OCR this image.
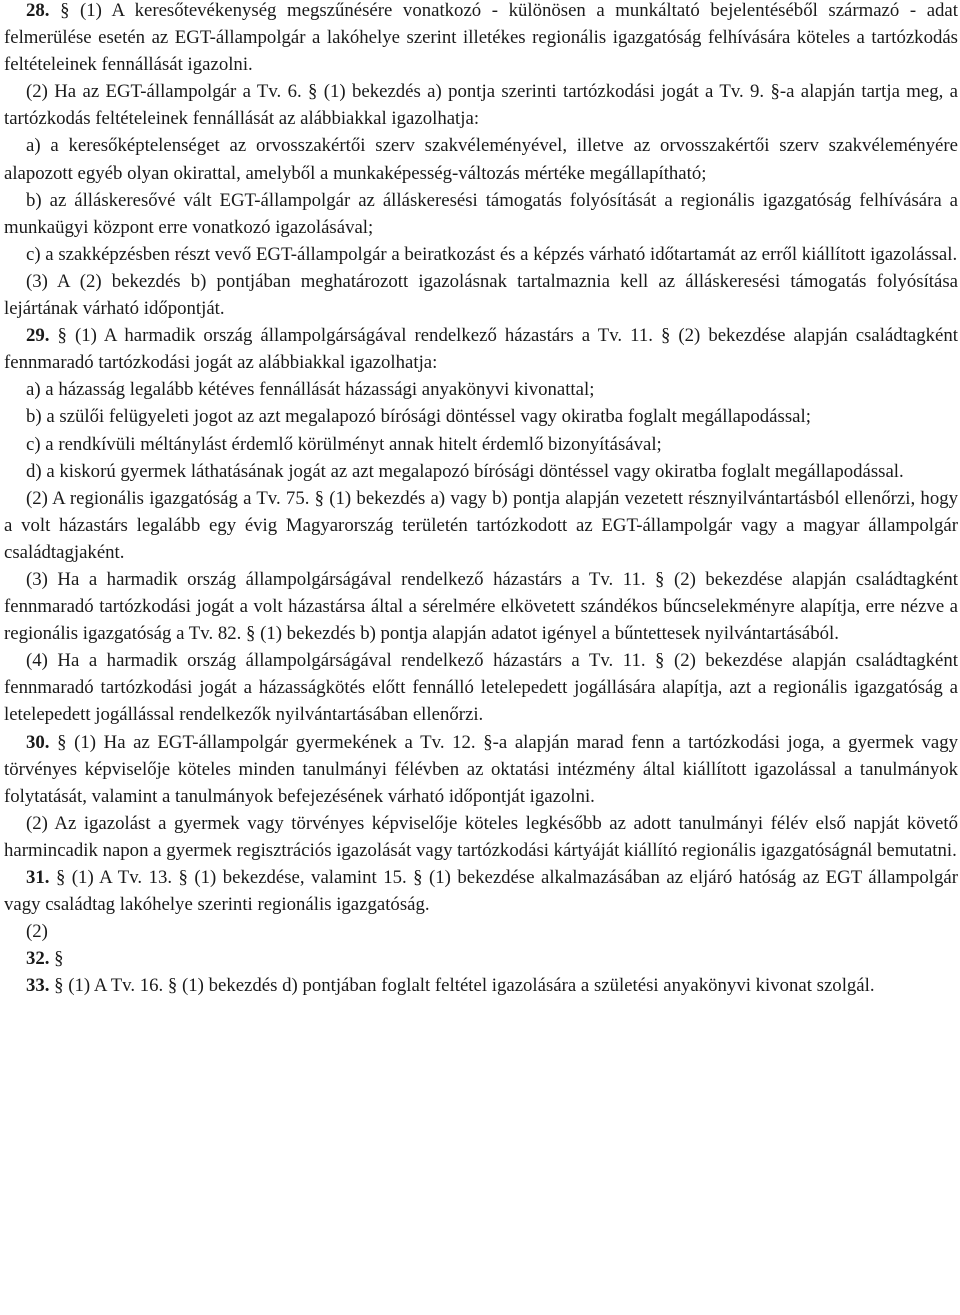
28. § (1) A keresőtevékenység megszűnésére vonatkozó - különösen a munkáltató bejelentéséből származó - adat felmerülése esetén az EGT-állampolgár a lakóhelye szerint illetékes regionális igazgatóság felhívására köteles a tartózkodás feltételeinek fennállását igazolni.

(2) Ha az EGT-állampolgár a Tv. 6. § (1) bekezdés a) pontja szerinti tartózkodási jogát a Tv. 9. §-a alapján tartja meg, a tartózkodás feltételeinek fennállását az alábbiakkal igazolhatja:

a) a keresőképtelenséget az orvosszakértői szerv szakvéleményével, illetve az orvosszakértői szerv szakvéleményére alapozott egyéb olyan okirattal, amelyből a munkaképesség-változás mértéke megállapítható;

b) az álláskeresővé vált EGT-állampolgár az álláskeresési támogatás folyósítását a regionális igazgatóság felhívására a munkaügyi központ erre vonatkozó igazolásával;

c) a szakképzésben részt vevő EGT-állampolgár a beiratkozást és a képzés várható időtartamát az erről kiállított igazolással.

(3) A (2) bekezdés b) pontjában meghatározott igazolásnak tartalmaznia kell az álláskeresési támogatás folyósítása lejártának várható időpontját.

29. § (1) A harmadik ország állampolgárságával rendelkező házastárs a Tv. 11. § (2) bekezdése alapján családtagként fennmaradó tartózkodási jogát az alábbiakkal igazolhatja:

a) a házasság legalább kétéves fennállását házassági anyakönyvi kivonattal;

b) a szülői felügyeleti jogot az azt megalapozó bírósági döntéssel vagy okiratba foglalt megállapodással;

c) a rendkívüli méltánylást érdemlő körülményt annak hitelt érdemlő bizonyításával;

d) a kiskorú gyermek láthatásának jogát az azt megalapozó bírósági döntéssel vagy okiratba foglalt megállapodással.

(2) A regionális igazgatóság a Tv. 75. § (1) bekezdés a) vagy b) pontja alapján vezetett résznyilvántartásból ellenőrzi, hogy a volt házastárs legalább egy évig Magyarország területén tartózkodott az EGT-állampolgár vagy a magyar állampolgár családtagjaként.

(3) Ha a harmadik ország állampolgárságával rendelkező házastárs a Tv. 11. § (2) bekezdése alapján családtagként fennmaradó tartózkodási jogát a volt házastársa által a sérelmére elkövetett szándékos bűncselekményre alapítja, erre nézve a regionális igazgatóság a Tv. 82. § (1) bekezdés b) pontja alapján adatot igényel a bűntettesek nyilvántartásából.

(4) Ha a harmadik ország állampolgárságával rendelkező házastárs a Tv. 11. § (2) bekezdése alapján családtagként fennmaradó tartózkodási jogát a házasságkötés előtt fennálló letelepedett jogállására alapítja, azt a regionális igazgatóság a letelepedett jogállással rendelkezők nyilvántartásában ellenőrzi.

30. § (1) Ha az EGT-állampolgár gyermekének a Tv. 12. §-a alapján marad fenn a tartózkodási joga, a gyermek vagy törvényes képviselője köteles minden tanulmányi félévben az oktatási intézmény által kiállított igazolással a tanulmányok folytatását, valamint a tanulmányok befejezésének várható időpontját igazolni.

(2) Az igazolást a gyermek vagy törvényes képviselője köteles legkésőbb az adott tanulmányi félév első napját követő harmincadik napon a gyermek regisztrációs igazolását vagy tartózkodási kártyáját kiállító regionális igazgatóságnál bemutatni.

31. § (1) A Tv. 13. § (1) bekezdése, valamint 15. § (1) bekezdése alkalmazásában az eljáró hatóság az EGT állampolgár vagy családtag lakóhelye szerinti regionális igazgatóság.

(2)

32. §

33. § (1) A Tv. 16. § (1) bekezdés d) pontjában foglalt feltétel igazolására a születési anyakönyvi kivonat szolgál.
